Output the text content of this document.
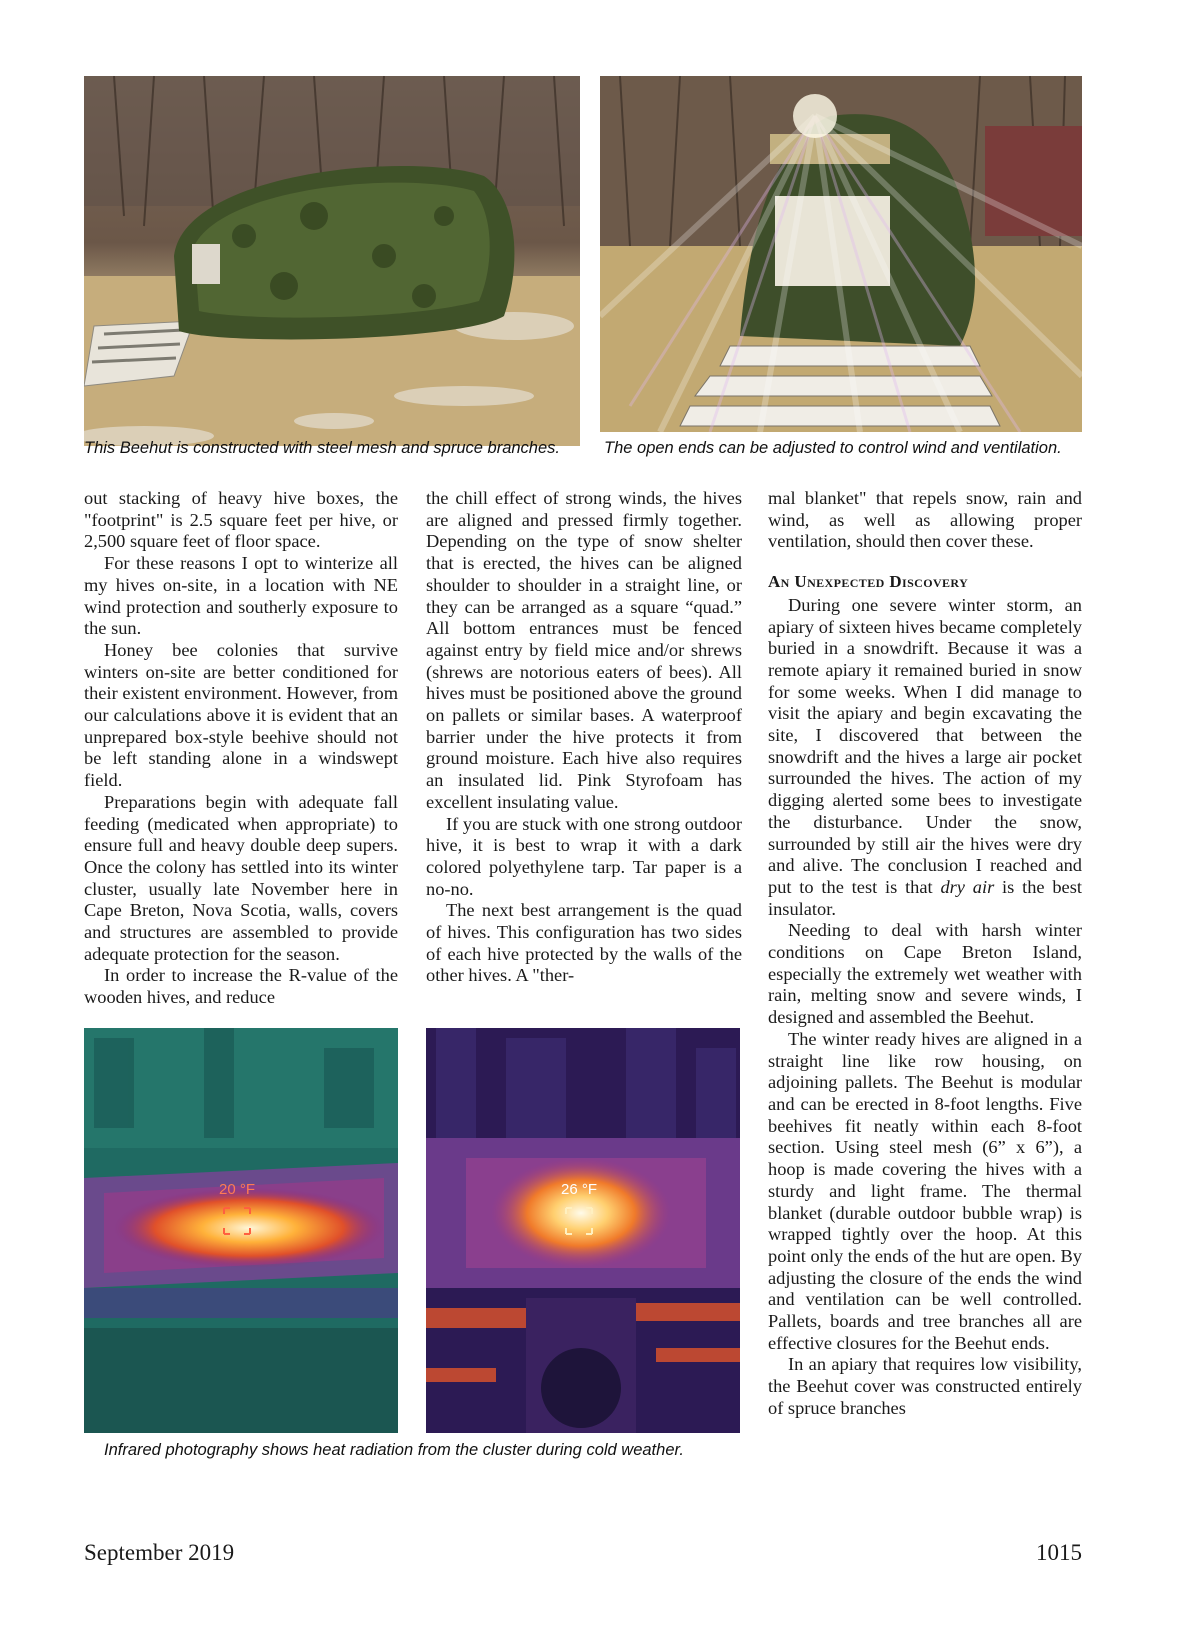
This Beehut is constructed with steel mesh and spruce branches.	The open ends can be adjusted to control wind and ventilation.

out stacking of heavy hive boxes, the "footprint" is 2.5 square feet per hive, or 2,500 square feet of floor space.

For these reasons I opt to winterize all my hives on-site, in a location with NE wind protection and southerly exposure to the sun.

Honey bee colonies that survive winters on-site are better conditioned for their existent environment. However, from our calculations above it is evident that an unprepared box-style beehive should not be left standing alone in a windswept field.

Preparations begin with adequate fall feeding (medicated when appropriate) to ensure full and heavy double deep supers. Once the colony has settled into its winter cluster, usually late November here in Cape Breton, Nova Scotia, walls, covers and structures are assembled to provide adequate protection for the season.

In order to increase the R-value of the wooden hives, and reduce

the chill effect of strong winds, the hives are aligned and pressed firmly together. Depending on the type of snow shelter that is erected, the hives can be aligned shoulder to shoulder in a straight line, or they can be arranged as a square “quad.” All bottom entrances must be fenced against entry by field mice and/or shrews (shrews are notorious eaters of bees). All hives must be positioned above the ground on pallets or similar bases. A waterproof barrier under the hive protects it from ground moisture. Each hive also requires an insulated lid. Pink Styrofoam has excellent insulating value.

If you are stuck with one strong outdoor hive, it is best to wrap it with a dark colored polyethylene tarp. Tar paper is a no-no.

The next best arrangement is the quad of hives. This configuration has two sides of each hive protected by the walls of the other hives. A "ther-

mal blanket" that repels snow, rain and wind, as well as allowing proper ventilation, should then cover these.

An Unexpected Discovery

During one severe winter storm, an apiary of sixteen hives became completely buried in a snowdrift. Because it was a remote apiary it remained buried in snow for some weeks. When I did manage to visit the apiary and begin excavating the site, I discovered that between the snowdrift and the hives a large air pocket surrounded the hives. The action of my digging alerted some bees to investigate the disturbance. Under the snow, surrounded by still air the hives were dry and alive. The conclusion I reached and put to the test is that dry air is the best insulator.

Needing to deal with harsh winter conditions on Cape Breton Island, especially the extremely wet weather with rain, melting snow and severe winds, I designed and assembled the Beehut.

The winter ready hives are aligned in a straight line like row housing, on adjoining pallets. The Beehut is modular and can be erected in 8-foot lengths. Five beehives fit neatly within each 8-foot section. Using steel mesh (6” x 6”), a hoop is made covering the hives with a sturdy and light frame. The thermal blanket (durable outdoor bubble wrap) is wrapped tightly over the hoop. At this point only the ends of the hut are open. By adjusting the closure of the ends the wind and ventilation can be well controlled. Pallets, boards and tree branches all are effective closures for the Beehut ends.

In an apiary that requires low visibility, the Beehut cover was constructed entirely of spruce branches

20 °F	26 °F
Infrared photography shows heat radiation from the cluster during cold weather.
September 2019	1015
